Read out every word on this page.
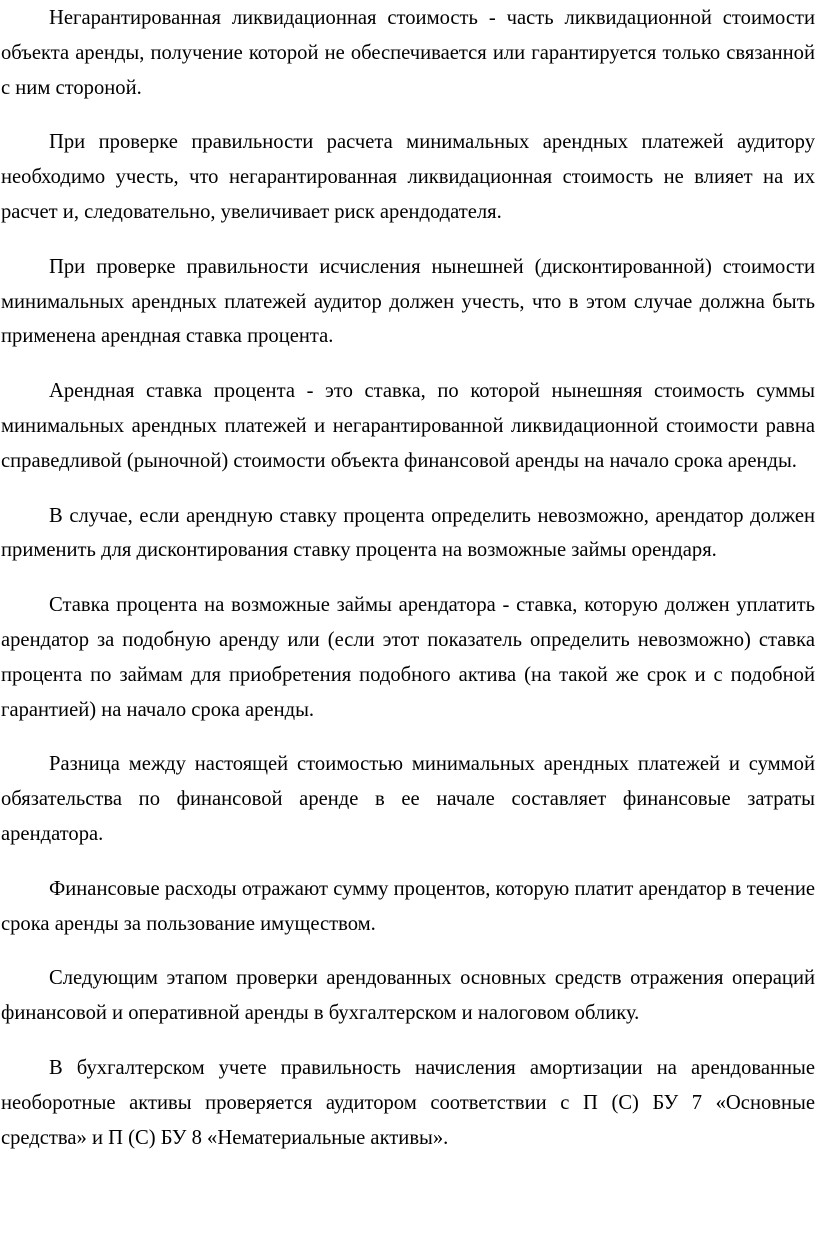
Негарантированная ликвидационная стоимость - часть ликвидационной стоимости объекта аренды, получение которой не обеспечивается или гарантируется только связанной с ним стороной.

При проверке правильности расчета минимальных арендных платежей аудитору необходимо учесть, что негарантированная ликвидационная стоимость не влияет на их расчет и, следовательно, увеличивает риск арендодателя.

При проверке правильности исчисления нынешней (дисконтированной) стоимости минимальных арендных платежей аудитор должен учесть, что в этом случае должна быть применена арендная ставка процента.

Арендная ставка процента - это ставка, по которой нынешняя стоимость суммы минимальных арендных платежей и негарантированной ликвидационной стоимости равна справедливой (рыночной) стоимости объекта финансовой аренды на начало срока аренды.

В случае, если арендную ставку процента определить невозможно, арендатор должен применить для дисконтирования ставку процента на возможные займы орендаря.

Ставка процента на возможные займы арендатора - ставка, которую должен уплатить арендатор за подобную аренду или (если этот показатель определить невозможно) ставка процента по займам для приобретения подобного актива (на такой же срок и с подобной гарантией) на начало срока аренды.

Разница между настоящей стоимостью минимальных арендных платежей и суммой обязательства по финансовой аренде в ее начале составляет финансовые затраты арендатора.

Финансовые расходы отражают сумму процентов, которую платит арендатор в течение срока аренды за пользование имуществом.

Следующим этапом проверки арендованных основных средств отражения операций финансовой и оперативной аренды в бухгалтерском и налоговом облику.

В бухгалтерском учете правильность начисления амортизации на арендованные необоротные активы проверяется аудитором соответствии с П (С) БУ 7 «Основные средства» и П (С) БУ 8 «Нематериальные активы».
